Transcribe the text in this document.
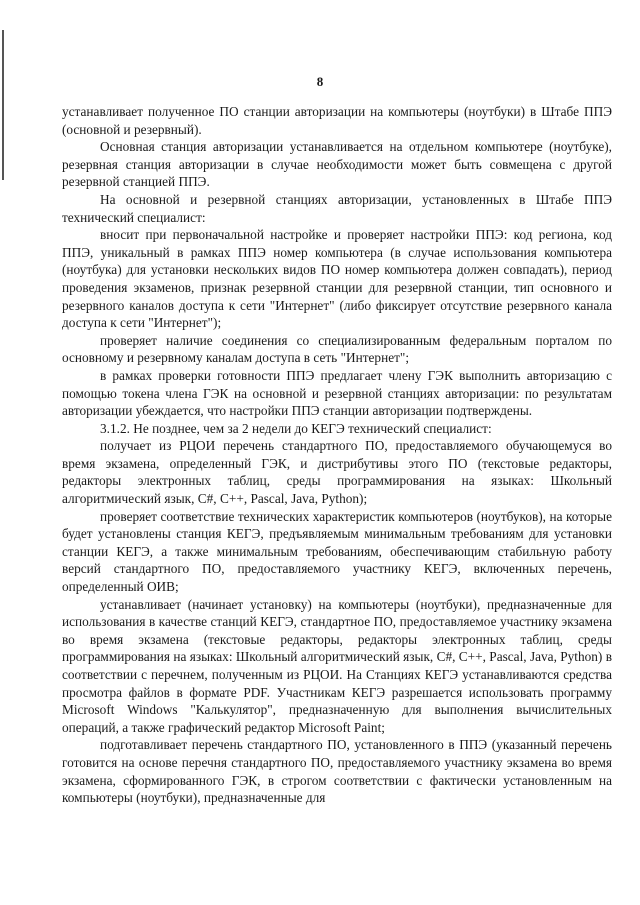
8

устанавливает полученное ПО станции авторизации на компьютеры (ноутбуки) в Штабе ППЭ (основной и резервный).

Основная станция авторизации устанавливается на отдельном компьютере (ноутбуке), резервная станция авторизации в случае необходимости может быть совмещена с другой резервной станцией ППЭ.

На основной и резервной станциях авторизации, установленных в Штабе ППЭ технический специалист:

вносит при первоначальной настройке и проверяет настройки ППЭ: код региона, код ППЭ, уникальный в рамках ППЭ номер компьютера (в случае использования компьютера (ноутбука) для установки нескольких видов ПО номер компьютера должен совпадать), период проведения экзаменов, признак резервной станции для резервной станции, тип основного и резервного каналов доступа к сети "Интернет" (либо фиксирует отсутствие резервного канала доступа к сети "Интернет");

проверяет наличие соединения со специализированным федеральным порталом по основному и резервному каналам доступа в сеть "Интернет";

в рамках проверки готовности ППЭ предлагает члену ГЭК выполнить авторизацию с помощью токена члена ГЭК на основной и резервной станциях авторизации: по результатам авторизации убеждается, что настройки ППЭ станции авторизации подтверждены.

3.1.2. Не позднее, чем за 2 недели до КЕГЭ технический специалист:

получает из РЦОИ перечень стандартного ПО, предоставляемого обучающемуся во время экзамена, определенный ГЭК, и дистрибутивы этого ПО (текстовые редакторы, редакторы электронных таблиц, среды программирования на языках: Школьный алгоритмический язык, С#, С++, Pascal, Java, Python);

проверяет соответствие технических характеристик компьютеров (ноутбуков), на которые будет установлены станция КЕГЭ, предъявляемым минимальным требованиям для установки станции КЕГЭ, а также минимальным требованиям, обеспечивающим стабильную работу версий стандартного ПО, предоставляемого участнику КЕГЭ, включенных перечень, определенный ОИВ;

устанавливает (начинает установку) на компьютеры (ноутбуки), предназначенные для использования в качестве станций КЕГЭ, стандартное ПО, предоставляемое участнику экзамена во время экзамена (текстовые редакторы, редакторы электронных таблиц, среды программирования на языках: Школьный алгоритмический язык, С#, С++, Pascal, Java, Python) в соответствии с перечнем, полученным из РЦОИ. На Станциях КЕГЭ устанавливаются средства просмотра файлов в формате PDF. Участникам КЕГЭ разрешается использовать программу Microsoft Windows "Калькулятор", предназначенную для выполнения вычислительных операций, а также графический редактор Microsoft Paint;

подготавливает перечень стандартного ПО, установленного в ППЭ (указанный перечень готовится на основе перечня стандартного ПО, предоставляемого участнику экзамена во время экзамена, сформированного ГЭК, в строгом соответствии с фактически установленным на компьютеры (ноутбуки), предназначенные для
